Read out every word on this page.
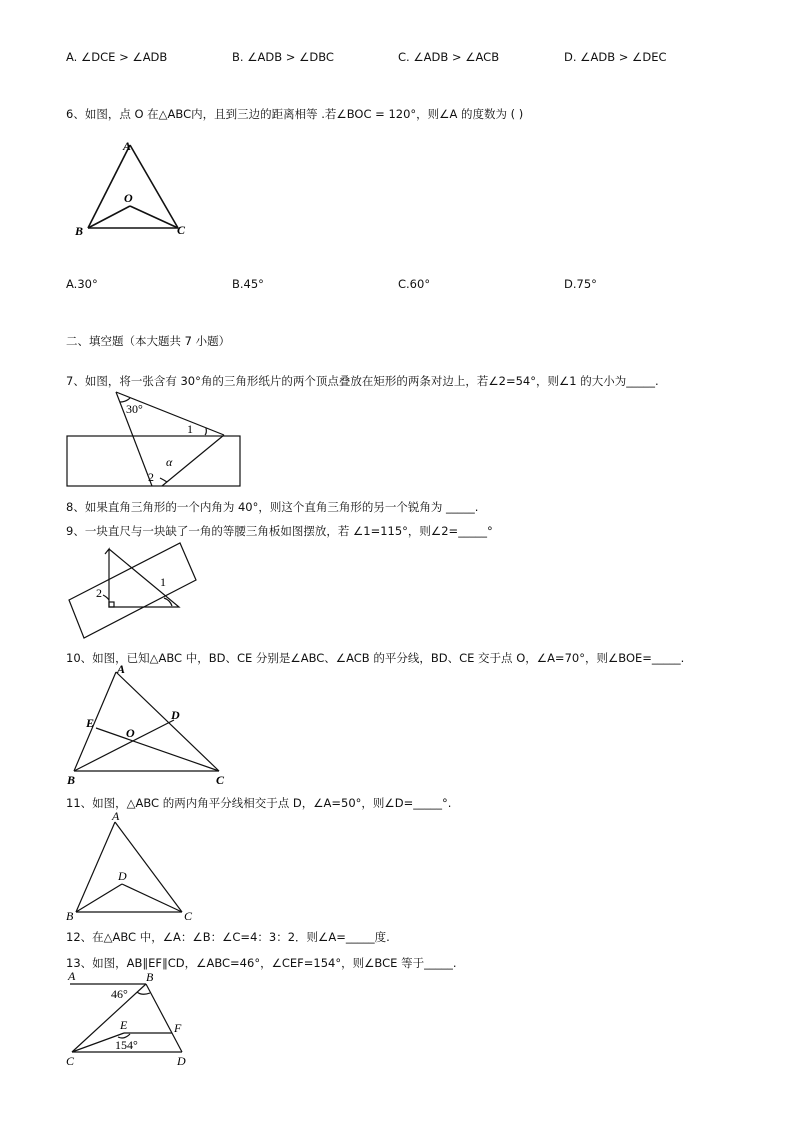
A. ∠DCE > ∠ADB	B. ∠ADB > ∠DBC	C. ∠ADB > ∠ACB	D. ∠ADB > ∠DEC
6、如图，点 O 在△ABC内，且到三边的距离相等 .若∠BOC = 120°，则∠A 的度数为 ( )
A
B	C
O
A.30°	B.45°	C.60°	D.75°
二、填空题（本大题共 7 小题）
7、如图，将一张含有 30°角的三角形纸片的两个顶点叠放在矩形的两条对边上，若∠2=54°，则∠1 的大小为_____.
30°
1
2
α
8、如果直角三角形的一个内角为 40°，则这个直角三角形的另一个锐角为 _____.
9、一块直尺与一块缺了一角的等腰三角板如图摆放，若 ∠1=115°，则∠2=_____°
2
1
10、如图，已知△ABC 中，BD、CE 分别是∠ABC、∠ACB 的平分线，BD、CE 交于点 O，∠A=70°，则∠BOE=_____.
A
B	C
D
E
O
11、如图，△ABC 的两内角平分线相交于点 D，∠A=50°，则∠D=_____°.
A
B	C
D
12、在△ABC 中，∠A：∠B：∠C=4：3：2．则∠A=_____度.
13、如图，AB∥EF∥CD，∠ABC=46°，∠CEF=154°，则∠BCE 等于_____.
A	B
C	D
E	F
46°
154°
